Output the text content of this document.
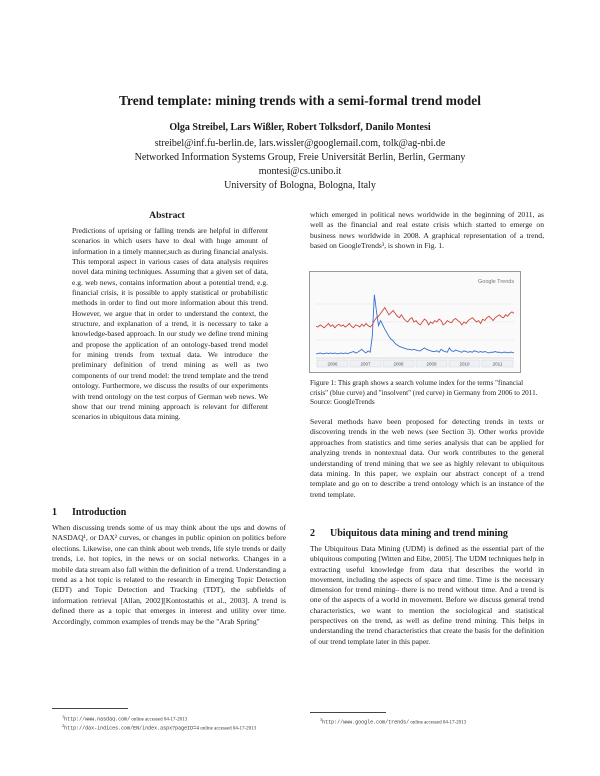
Trend template: mining trends with a semi-formal trend model
Olga Streibel, Lars Wißler, Robert Tolksdorf, Danilo Montesi
streibel@inf.fu-berlin.de, lars.wissler@googlemail.com, tolk@ag-nbi.de
Networked Information Systems Group, Freie Universität Berlin, Berlin, Germany
montesi@cs.unibo.it
University of Bologna, Bologna, Italy
Abstract

Predictions of uprising or falling trends are helpful in different scenarios in which users have to deal with huge amount of information in a timely manner,such as during financial analysis. This temporal aspect in various cases of data analysis requires novel data mining techniques. Assuming that a given set of data, e.g. web news, contains information about a potential trend, e.g. financial crisis, it is possible to apply statistical or probabilistic methods in order to find out more information about this trend. However, we argue that in order to understand the context, the structure, and explanation of a trend, it is necessary to take a knowledge-based approach. In our study we define trend mining and propose the application of an ontology-based trend model for mining trends from textual data. We introduce the preliminary definition of trend mining as well as two components of our trend model: the trend template and the trend ontology. Furthermore, we discuss the results of our experiments with trend ontology on the test corpus of German web news. We show that our trend mining approach is relevant for different scenarios in ubiquitous data mining.

1 Introduction

When discussing trends some of us may think about the ups and downs of NASDAQ¹, or DAX² curves, or changes in public opinion on politics before elections. Likewise, one can think about web trends, life style trends or daily trends, i.e. hot topics, in the news or on social networks. Changes in a mobile data stream also fall within the definition of a trend. Understanding a trend as a hot topic is related to the research in Emerging Topic Detection (EDT) and Topic Detection and Tracking (TDT), the subfields of information retrieval [Allan, 2002][Kontostathis et al., 2003]. A trend is defined there as a topic that emerges in interest and utility over time. Accordingly, common examples of trends may be the "Arab Spring"

$^1$http://www.nasdaq.com/ online accessed 04-17-2013
$^2$http://dax-indices.com/EN/index.aspx?pageID=4 online accessed 04-17-2013

which emerged in political news worldwide in the beginning of 2011, as well as the financial and real estate crisis which started to emerge on business news worldwide in 2008. A graphical representation of a trend, based on GoogleTrends³, is shown in Fig. 1.

Google Trends
2006	2007	2008	2009	2010	2011
Figure 1: This graph shows a search volume index for the terms "financial crisis" (blue curve) and "insolvent" (red curve) in Germany from 2006 to 2011. Source: GoogleTrends

Several methods have been proposed for detecting trends in texts or discovering trends in the web news (see Section 3). Other works provide approaches from statistics and time series analysis that can be applied for analyzing trends in nontextual data. Our work contributes to the general understanding of trend mining that we see as highly relevant to ubiquitous data mining. In this paper, we explain our abstract concept of a trend template and go on to describe a trend ontology which is an instance of the trend template.

2 Ubiquitous data mining and trend mining

The Ubiquitous Data Mining (UDM) is defined as the essential part of the ubiquitous computing [Witten and Eibe, 2005]. The UDM techniques help in extracting useful knowledge from data that describes the world in movement, including the aspects of space and time. Time is the necessary dimension for trend mining– there is no trend without time. And a trend is one of the aspects of a world in movement. Before we discuss general trend characteristics, we want to mention the sociological and statistical perspectives on the trend, as well as define trend mining. This helps in understanding the trend characteristics that create the basis for the definition of our trend template later in this paper.

$^3$http://www.google.com/trends/ online accessed 04-17-2013
